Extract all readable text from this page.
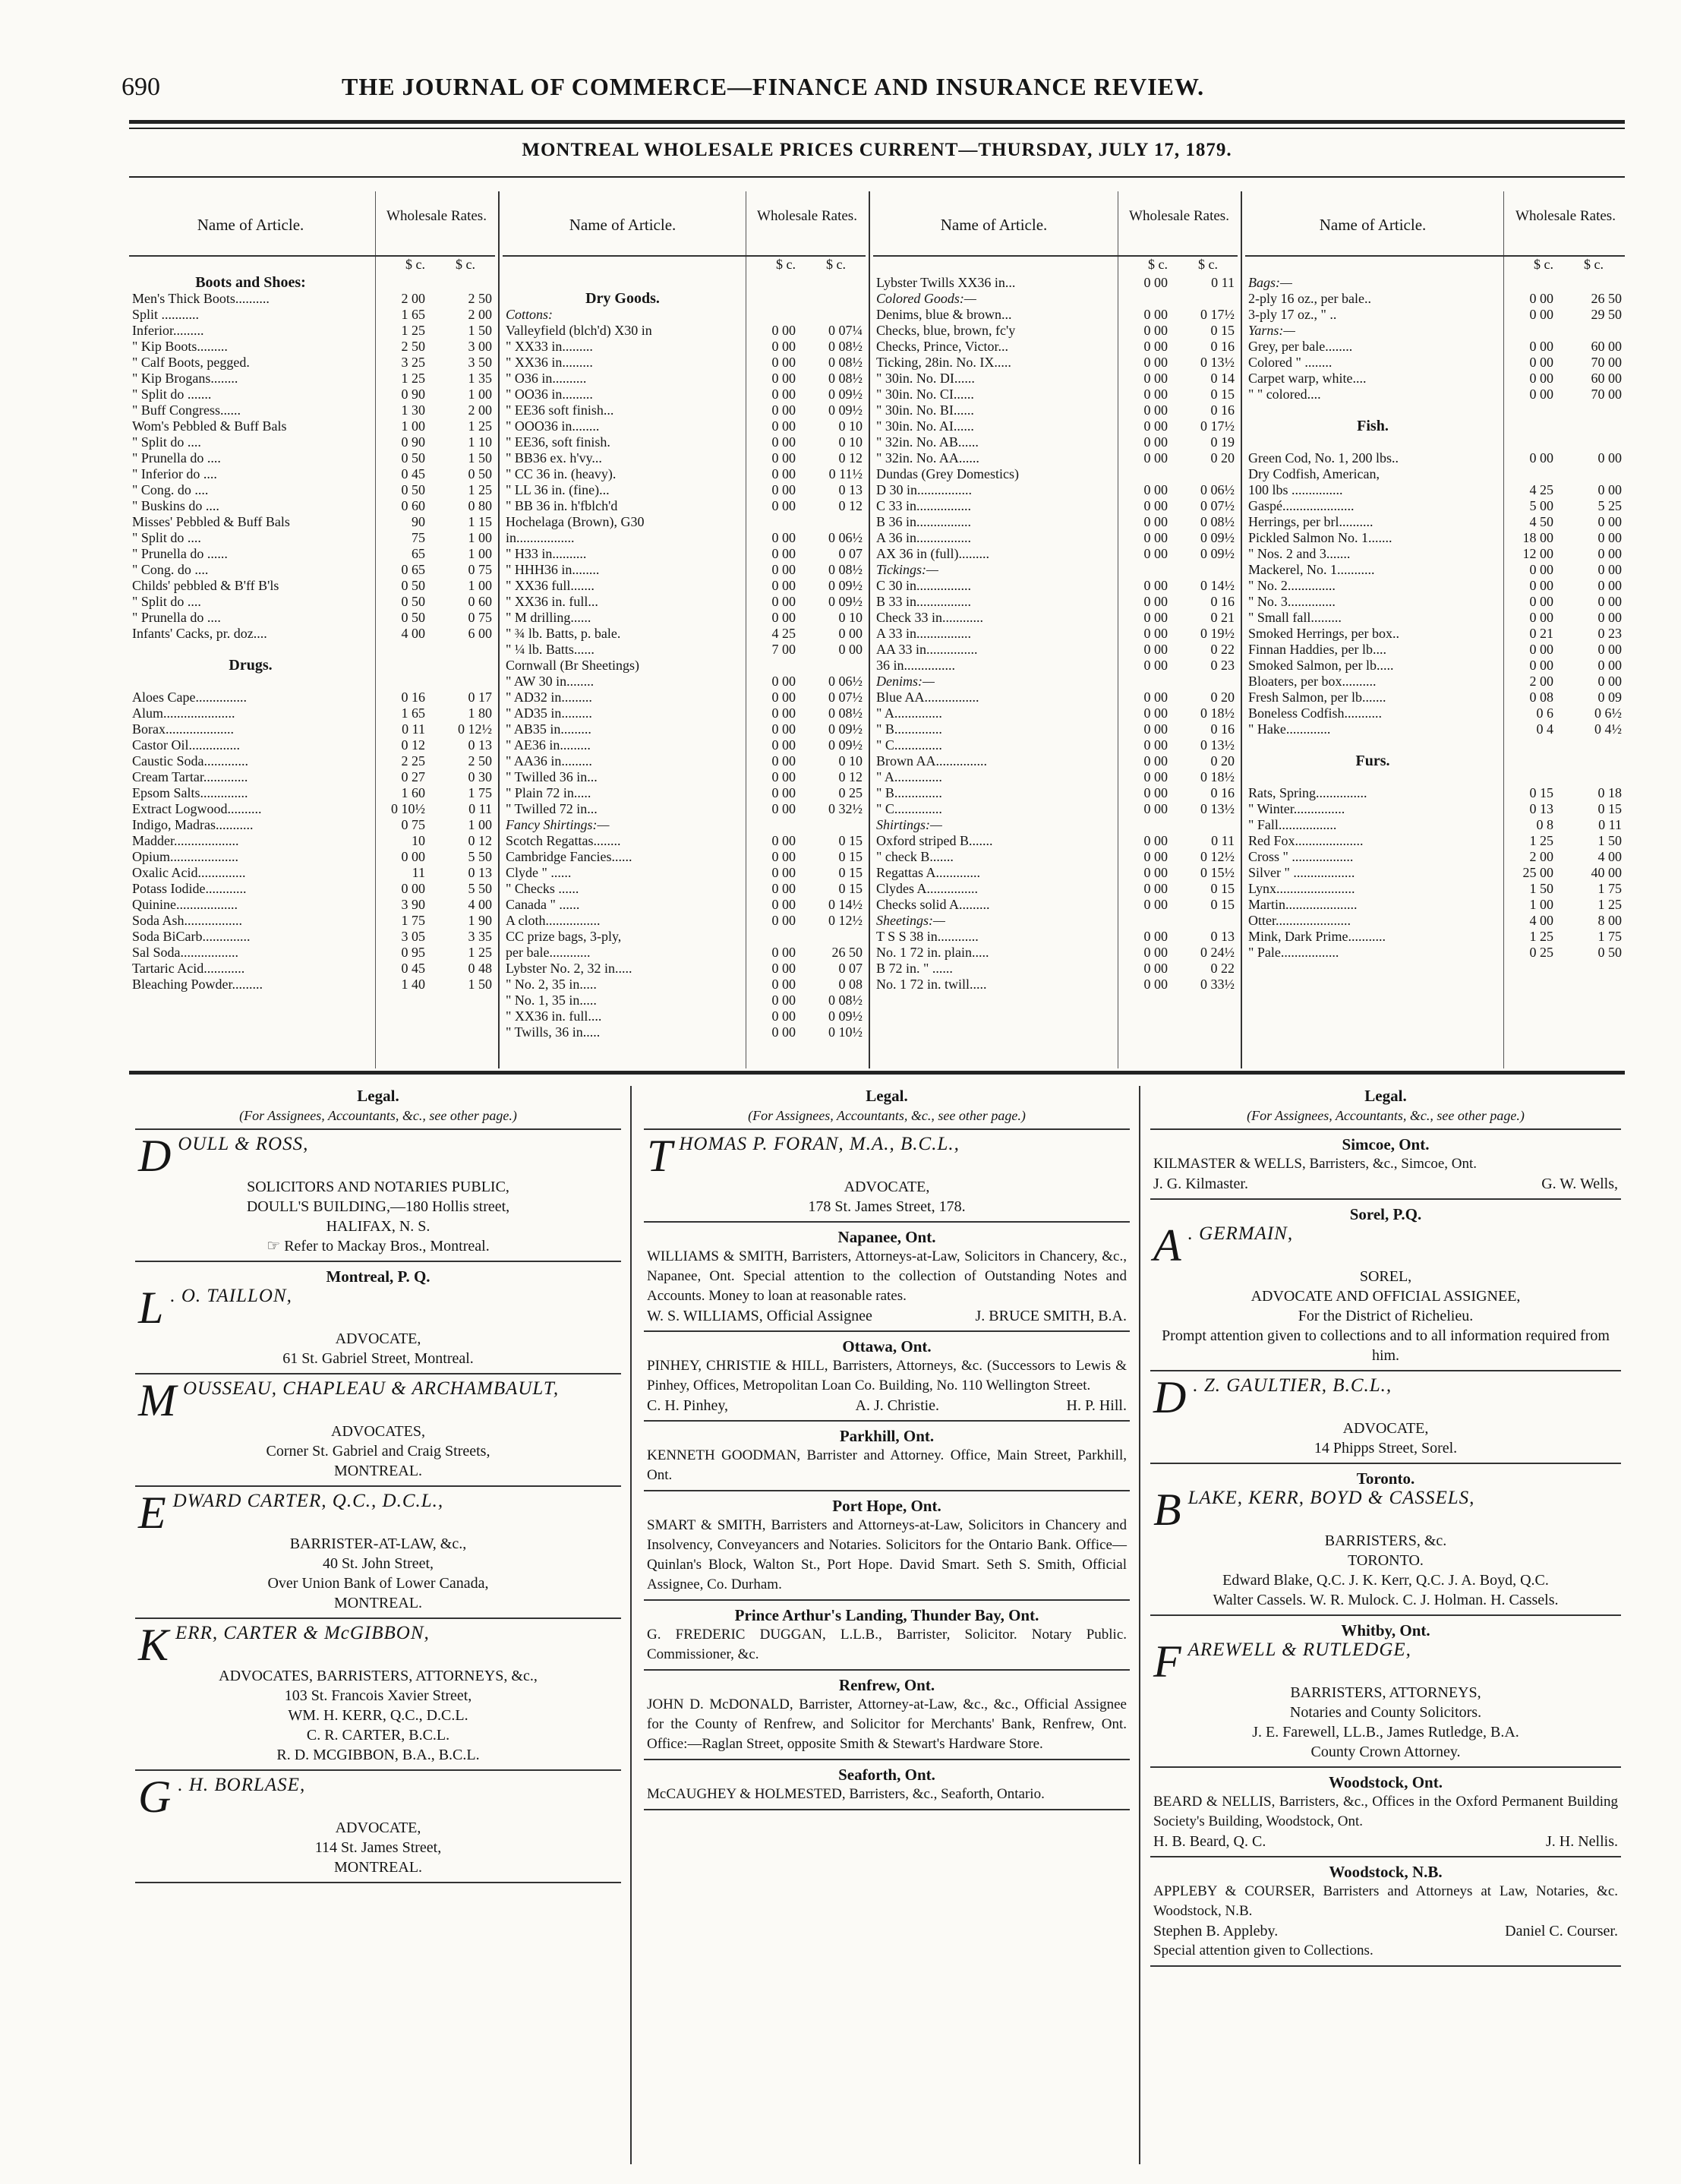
690	THE JOURNAL OF COMMERCE—FINANCE AND INSURANCE REVIEW.
MONTREAL WHOLESALE PRICES CURRENT—THURSDAY, JULY 17, 1879.
Name of Article.	Wholesale Rates.
$ c.	$ c.
Boots and Shoes:
Men's Thick Boots..........	2 00	2 50
Split ...........	1 65	2 00
Inferior.........	1 25	1 50
" Kip Boots.........	2 50	3 00
" Calf Boots, pegged.	3 25	3 50
" Kip Brogans........	1 25	1 35
" Split do .......	0 90	1 00
" Buff Congress......	1 30	2 00
Wom's Pebbled & Buff Bals	1 00	1 25
" Split do ....	0 90	1 10
" Prunella do ....	0 50	1 50
" Inferior do ....	0 45	0 50
" Cong. do ....	0 50	1 25
" Buskins do ....	0 60	0 80
Misses' Pebbled & Buff Bals	90	1 15
" Split do ....	75	1 00
" Prunella do ......	65	1 00
" Cong. do ....	0 65	0 75
Childs' pebbled & B'ff B'ls	0 50	1 00
" Split do ....	0 50	0 60
" Prunella do ....	0 50	0 75
Infants' Cacks, pr. doz....	4 00	6 00
Drugs.
Aloes Cape...............	0 16	0 17
Alum.....................	1 65	1 80
Borax....................	0 11	0 12½
Castor Oil...............	0 12	0 13
Caustic Soda.............	2 25	2 50
Cream Tartar.............	0 27	0 30
Epsom Salts..............	1 60	1 75
Extract Logwood..........	0 10½	0 11
Indigo, Madras...........	0 75	1 00
Madder...................	10	0 12
Opium....................	0 00	5 50
Oxalic Acid..............	11	0 13
Potass Iodide............	0 00	5 50
Quinine..................	3 90	4 00
Soda Ash.................	1 75	1 90
Soda BiCarb..............	3 05	3 35
Sal Soda.................	0 95	1 25
Tartaric Acid............	0 45	0 48
Bleaching Powder.........	1 40	1 50
Name of Article.	Wholesale Rates.
$ c.	$ c.
Dry Goods.
Cottons:
Valleyfield (blch'd) X30 in	0 00	0 07¼
" XX33 in.........	0 00	0 08½
" XX36 in.........	0 00	0 08½
" O36 in..........	0 00	0 08½
" OO36 in.........	0 00	0 09½
" EE36 soft finish...	0 00	0 09½
" OOO36 in........	0 00	0 10
" EE36, soft finish.	0 00	0 10
" BB36 ex. h'vy...	0 00	0 12
" CC 36 in. (heavy).	0 00	0 11½
" LL 36 in. (fine)...	0 00	0 13
" BB 36 in. h'fblch'd	0 00	0 12
Hochelaga (Brown), G30
in.................	0 00	0 06½
" H33 in..........	0 00	0 07
" HHH36 in........	0 00	0 08½
" XX36 full.......	0 00	0 09½
" XX36 in. full...	0 00	0 09½
" M drilling......	0 00	0 10
" ¾ lb. Batts, p. bale.	4 25	0 00
" ¼ lb. Batts......	7 00	0 00
Cornwall (Br Sheetings)
" AW 30 in........	0 00	0 06½
" AD32 in.........	0 00	0 07½
" AD35 in.........	0 00	0 08½
" AB35 in.........	0 00	0 09½
" AE36 in.........	0 00	0 09½
" AA36 in.........	0 00	0 10
" Twilled 36 in...	0 00	0 12
" Plain 72 in.....	0 00	0 25
" Twilled 72 in...	0 00	0 32½
Fancy Shirtings:—
Scotch Regattas........	0 00	0 15
Cambridge Fancies......	0 00	0 15
Clyde " ......	0 00	0 15
" Checks ......	0 00	0 15
Canada " ......	0 00	0 14½
A cloth................	0 00	0 12½
CC prize bags, 3-ply,
per bale............	0 00	26 50
Lybster No. 2, 32 in.....	0 00	0 07
" No. 2, 35 in.....	0 00	0 08
" No. 1, 35 in.....	0 00	0 08½
" XX36 in. full....	0 00	0 09½
" Twills, 36 in.....	0 00	0 10½
Name of Article.	Wholesale Rates.
$ c.	$ c.
Lybster Twills XX36 in...	0 00	0 11
Colored Goods:—
Denims, blue & brown...	0 00	0 17½
Checks, blue, brown, fc'y	0 00	0 15
Checks, Prince, Victor...	0 00	0 16
Ticking, 28in. No. IX.....	0 00	0 13½
" 30in. No. DI......	0 00	0 14
" 30in. No. CI......	0 00	0 15
" 30in. No. BI......	0 00	0 16
" 30in. No. AI......	0 00	0 17½
" 32in. No. AB......	0 00	0 19
" 32in. No. AA......	0 00	0 20
Dundas (Grey Domestics)
D 30 in................	0 00	0 06½
C 33 in................	0 00	0 07½
B 36 in................	0 00	0 08½
A 36 in................	0 00	0 09½
AX 36 in (full).........	0 00	0 09½
Tickings:—
C 30 in................	0 00	0 14½
B 33 in................	0 00	0 16
Check 33 in............	0 00	0 21
A 33 in................	0 00	0 19½
AA 33 in...............	0 00	0 22
36 in...............	0 00	0 23
Denims:—
Blue AA................	0 00	0 20
" A..............	0 00	0 18½
" B..............	0 00	0 16
" C..............	0 00	0 13½
Brown AA...............	0 00	0 20
" A..............	0 00	0 18½
" B..............	0 00	0 16
" C..............	0 00	0 13½
Shirtings:—
Oxford striped B.......	0 00	0 11
" check B.......	0 00	0 12½
Regattas A.............	0 00	0 15½
Clydes A...............	0 00	0 15
Checks solid A.........	0 00	0 15
Sheetings:—
T S S 38 in............	0 00	0 13
No. 1 72 in. plain.....	0 00	0 24½
B 72 in. " ......	0 00	0 22
No. 1 72 in. twill.....	0 00	0 33½
Name of Article.	Wholesale Rates.
$ c.	$ c.
Bags:—
2-ply 16 oz., per bale..	0 00	26 50
3-ply 17 oz., " ..	0 00	29 50
Yarns:—
Grey, per bale........	0 00	60 00
Colored " ........	0 00	70 00
Carpet warp, white....	0 00	60 00
" " colored....	0 00	70 00
Fish.
Green Cod, No. 1, 200 lbs..	0 00	0 00
Dry Codfish, American,
100 lbs ...............	4 25	0 00
Gaspé.....................	5 00	5 25
Herrings, per brl..........	4 50	0 00
Pickled Salmon No. 1.......	18 00	0 00
" Nos. 2 and 3.......	12 00	0 00
Mackerel, No. 1...........	0 00	0 00
" No. 2..............	0 00	0 00
" No. 3..............	0 00	0 00
" Small fall.........	0 00	0 00
Smoked Herrings, per box..	0 21	0 23
Finnan Haddies, per lb....	0 00	0 00
Smoked Salmon, per lb.....	0 00	0 00
Bloaters, per box..........	2 00	0 00
Fresh Salmon, per lb.......	0 08	0 09
Boneless Codfish...........	0 6	0 6½
" Hake.............	0 4	0 4½
Furs.
Rats, Spring...............	0 15	0 18
" Winter...............	0 13	0 15
" Fall.................	0 8	0 11
Red Fox....................	1 25	1 50
Cross " ..................	2 00	4 00
Silver " ..................	25 00	40 00
Lynx.......................	1 50	1 75
Martin.....................	1 00	1 25
Otter......................	4 00	8 00
Mink, Dark Prime...........	1 25	1 75
" Pale.................	0 25	0 50
Legal.
(For Assignees, Accountants, &c., see other page.)
DOULL & ROSS,
SOLICITORS AND NOTARIES PUBLIC,
DOULL'S BUILDING,—180 Hollis street,
HALIFAX, N. S.
☞ Refer to Mackay Bros., Montreal.
Montreal, P. Q.
L . O. TAILLON,
ADVOCATE,
61 St. Gabriel Street, Montreal.
MOUSSEAU, CHAPLEAU & ARCHAMBAULT,
ADVOCATES,
Corner St. Gabriel and Craig Streets,
MONTREAL.
EDWARD CARTER, Q.C., D.C.L.,
BARRISTER-AT-LAW, &c.,
40 St. John Street,
Over Union Bank of Lower Canada,
MONTREAL.
KERR, CARTER & McGIBBON,
ADVOCATES, BARRISTERS, ATTORNEYS, &c.,
103 St. Francois Xavier Street,
WM. H. KERR, Q.C., D.C.L.
C. R. CARTER, B.C.L.
R. D. MCGIBBON, B.A., B.C.L.
G . H. BORLASE,
ADVOCATE,
114 St. James Street,
MONTREAL.
Legal.
(For Assignees, Accountants, &c., see other page.)
THOMAS P. FORAN, M.A., B.C.L.,
ADVOCATE,
178 St. James Street, 178.
Napanee, Ont.
WILLIAMS & SMITH, Barristers, Attorneys-at-Law, Solicitors in Chancery, &c., Napanee, Ont. Special attention to the collection of Outstanding Notes and Accounts. Money to loan at reasonable rates.
W. S. WILLIAMS, Official Assignee	J. BRUCE SMITH, B.A.
Ottawa, Ont.
PINHEY, CHRISTIE & HILL, Barristers, Attorneys, &c. (Successors to Lewis & Pinhey, Offices, Metropolitan Loan Co. Building, No. 110 Wellington Street.
C. H. Pinhey,	A. J. Christie.	H. P. Hill.
Parkhill, Ont.
KENNETH GOODMAN, Barrister and Attorney. Office, Main Street, Parkhill, Ont.
Port Hope, Ont.
SMART & SMITH, Barristers and Attorneys-at-Law, Solicitors in Chancery and Insolvency, Conveyancers and Notaries. Solicitors for the Ontario Bank. Office—Quinlan's Block, Walton St., Port Hope. David Smart. Seth S. Smith, Official Assignee, Co. Durham.
Prince Arthur's Landing, Thunder Bay, Ont.
G. FREDERIC DUGGAN, L.L.B., Barrister, Solicitor. Notary Public. Commissioner, &c.
Renfrew, Ont.
JOHN D. McDONALD, Barrister, Attorney-at-Law, &c., &c., Official Assignee for the County of Renfrew, and Solicitor for Merchants' Bank, Renfrew, Ont. Office:—Raglan Street, opposite Smith & Stewart's Hardware Store.
Seaforth, Ont.
McCAUGHEY & HOLMESTED, Barristers, &c., Seaforth, Ontario.
Legal.
(For Assignees, Accountants, &c., see other page.)
Simcoe, Ont.
KILMASTER & WELLS, Barristers, &c., Simcoe, Ont.
J. G. Kilmaster.	G. W. Wells,
Sorel, P.Q.
A . GERMAIN,
SOREL,
ADVOCATE AND OFFICIAL ASSIGNEE,
For the District of Richelieu.
Prompt attention given to collections and to all information required from him.
D . Z. GAULTIER, B.C.L.,
ADVOCATE,
14 Phipps Street, Sorel.
Toronto.
BLAKE, KERR, BOYD & CASSELS,
BARRISTERS, &c.
TORONTO.
Edward Blake, Q.C. J. K. Kerr, Q.C. J. A. Boyd, Q.C.
Walter Cassels. W. R. Mulock. C. J. Holman. H. Cassels.
Whitby, Ont.
FAREWELL & RUTLEDGE,
BARRISTERS, ATTORNEYS,
Notaries and County Solicitors.
J. E. Farewell, LL.B., James Rutledge, B.A.
County Crown Attorney.
Woodstock, Ont.
BEARD & NELLIS, Barristers, &c., Offices in the Oxford Permanent Building Society's Building, Woodstock, Ont.
H. B. Beard, Q. C.	J. H. Nellis.
Woodstock, N.B.
APPLEBY & COURSER, Barristers and Attorneys at Law, Notaries, &c. Woodstock, N.B.
Stephen B. Appleby.	Daniel C. Courser.
Special attention given to Collections.
